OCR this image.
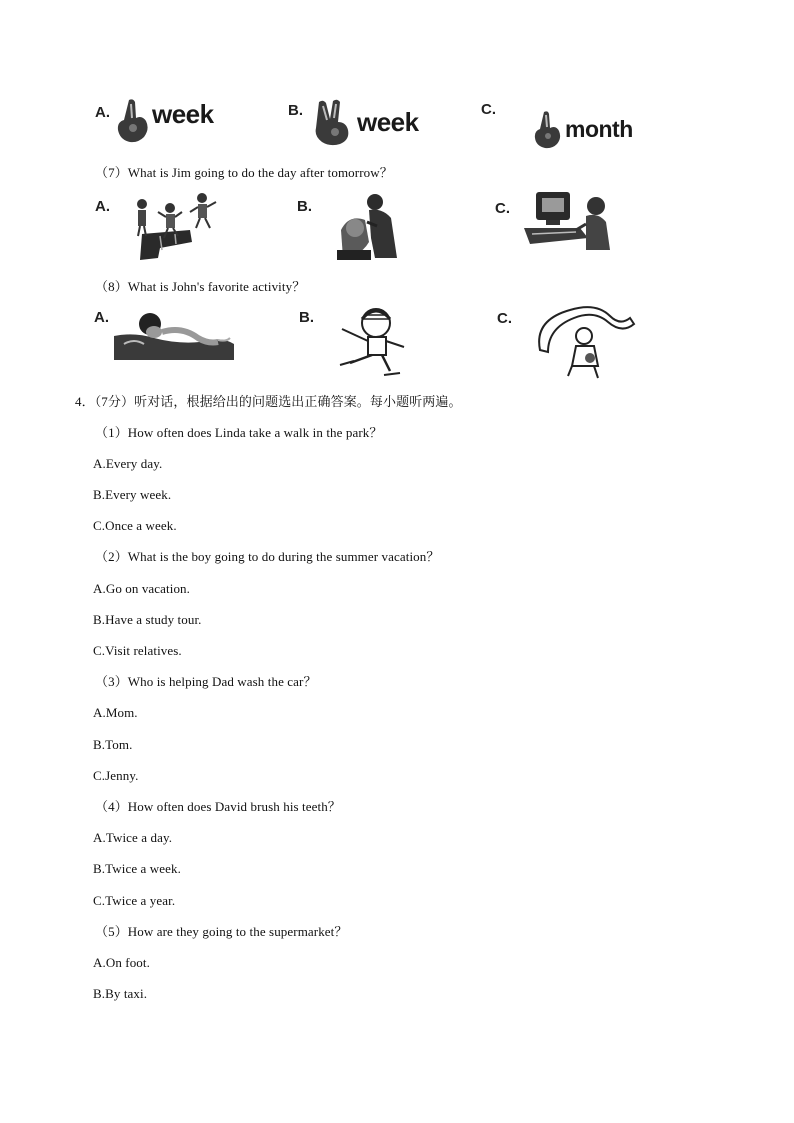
A. week	B. week	C.
month
（7）What is Jim going to do the day after tomorrow？
A.	B.	C.
（8）What is John's favorite activity？
A.	B.	C.
4．（7分）听对话，根据给出的问题选出正确答案。每小题听两遍。
（1）How often does Linda take a walk in the park？
A.Every day.
B.Every week.
C.Once a week.
（2）What is the boy going to do during the summer vacation？
A.Go on vacation.
B.Have a study tour.
C.Visit relatives.
（3）Who is helping Dad wash the car？
A.Mom.
B.Tom.
C.Jenny.
（4）How often does David brush his teeth？
A.Twice a day.
B.Twice a week.
C.Twice a year.
（5）How are they going to the supermarket？
A.On foot.
B.By taxi.
